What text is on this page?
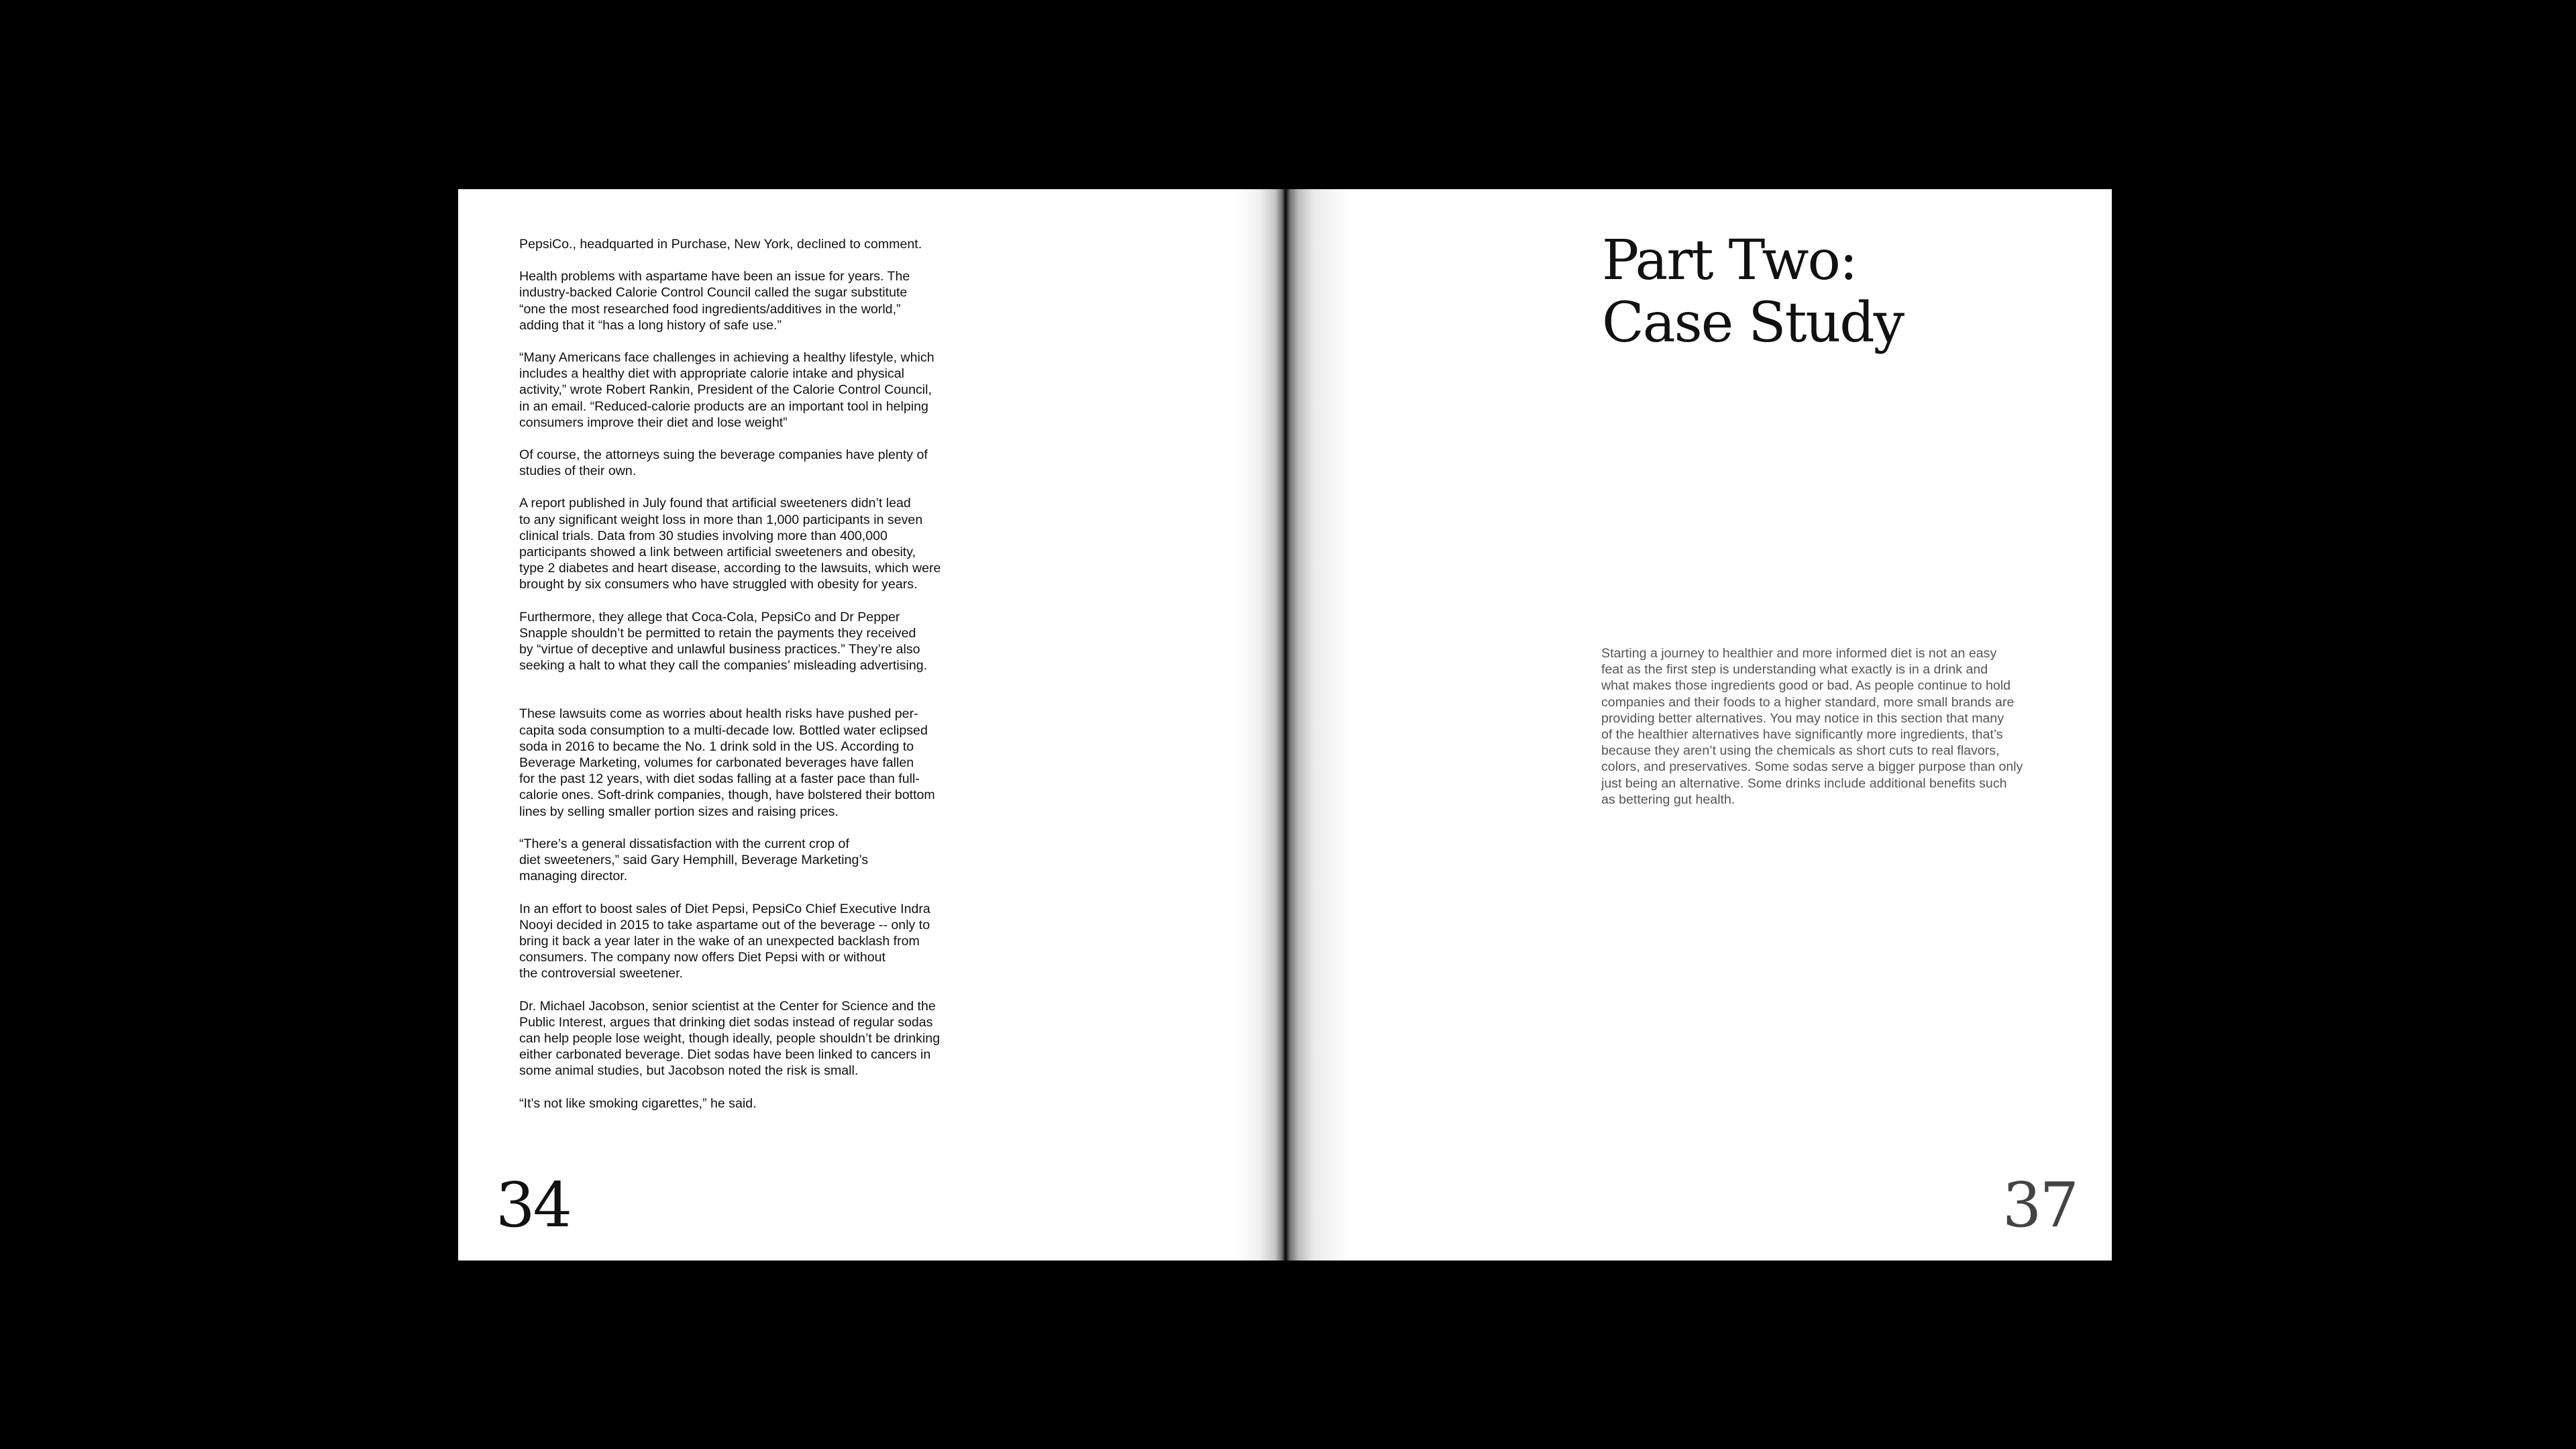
PepsiCo., headquarted in Purchase, New York, declined to comment.

Health problems with aspartame have been an issue for years. The
industry-backed Calorie Control Council called the sugar substitute
“one the most researched food ingredients/additives in the world,”
adding that it “has a long history of safe use.”

“Many Americans face challenges in achieving a healthy lifestyle, which
includes a healthy diet with appropriate calorie intake and physical
activity,” wrote Robert Rankin, President of the Calorie Control Council,
in an email. “Reduced-calorie products are an important tool in helping
consumers improve their diet and lose weight”

Of course, the attorneys suing the beverage companies have plenty of
studies of their own.

A report published in July found that artificial sweeteners didn’t lead
to any significant weight loss in more than 1,000 participants in seven
clinical trials. Data from 30 studies involving more than 400,000
participants showed a link between artificial sweeteners and obesity,
type 2 diabetes and heart disease, according to the lawsuits, which were
brought by six consumers who have struggled with obesity for years.

Furthermore, they allege that Coca-Cola, PepsiCo and Dr Pepper
Snapple shouldn’t be permitted to retain the payments they received
by “virtue of deceptive and unlawful business practices.” They’re also
seeking a halt to what they call the companies’ misleading advertising.

These lawsuits come as worries about health risks have pushed per-
capita soda consumption to a multi-decade low. Bottled water eclipsed
soda in 2016 to became the No. 1 drink sold in the US. According to
Beverage Marketing, volumes for carbonated beverages have fallen
for the past 12 years, with diet sodas falling at a faster pace than full-
calorie ones. Soft-drink companies, though, have bolstered their bottom
lines by selling smaller portion sizes and raising prices.

“There’s a general dissatisfaction with the current crop of
diet sweeteners,” said Gary Hemphill, Beverage Marketing’s
managing director.

In an effort to boost sales of Diet Pepsi, PepsiCo Chief Executive Indra
Nooyi decided in 2015 to take aspartame out of the beverage -- only to
bring it back a year later in the wake of an unexpected backlash from
consumers. The company now offers Diet Pepsi with or without
the controversial sweetener.

Dr. Michael Jacobson, senior scientist at the Center for Science and the
Public Interest, argues that drinking diet sodas instead of regular sodas
can help people lose weight, though ideally, people shouldn’t be drinking
either carbonated beverage. Diet sodas have been linked to cancers in
some animal studies, but Jacobson noted the risk is small.

“It’s not like smoking cigarettes,” he said.

34
Part Two:
Case Study

Starting a journey to healthier and more informed diet is not an easy
feat as the first step is understanding what exactly is in a drink and
what makes those ingredients good or bad. As people continue to hold
companies and their foods to a higher standard, more small brands are
providing better alternatives. You may notice in this section that many
of the healthier alternatives have significantly more ingredients, that’s
because they aren’t using the chemicals as short cuts to real flavors,
colors, and preservatives. Some sodas serve a bigger purpose than only
just being an alternative. Some drinks include additional benefits such
as bettering gut health.

37
